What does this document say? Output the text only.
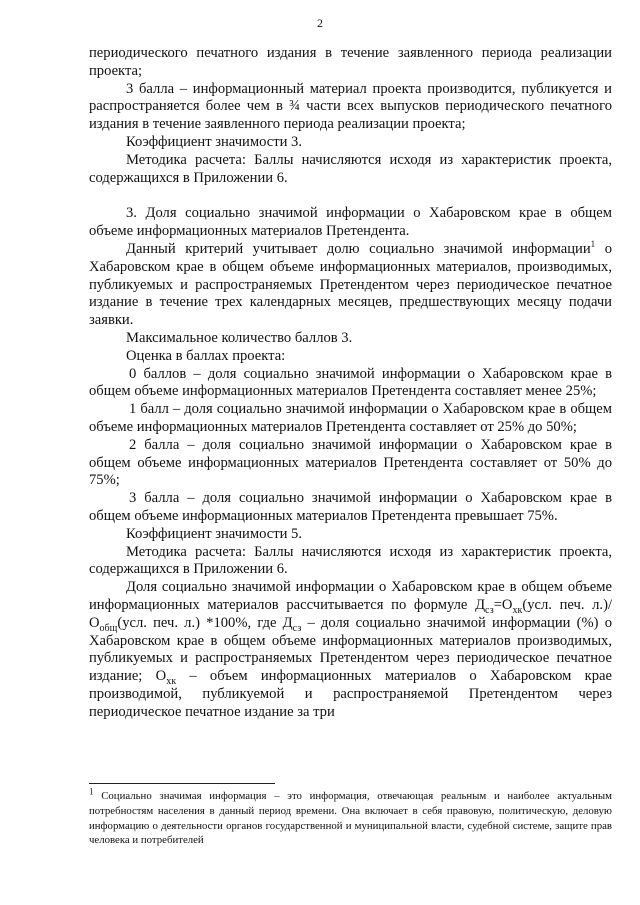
2

периодического печатного издания в течение заявленного периода реализации проекта;

3 балла – информационный материал проекта производится, публикуется и распространяется более чем в ¾ части всех выпусков периодического печатного издания в течение заявленного периода реализации проекта;

Коэффициент значимости 3.

Методика расчета: Баллы начисляются исходя из характеристик проекта, содержащихся в Приложении 6.

3. Доля социально значимой информации о Хабаровском крае в общем объеме информационных материалов Претендента.

Данный критерий учитывает долю социально значимой информации$^1$ о Хабаровском крае в общем объеме информационных материалов, производимых, публикуемых и распространяемых Претендентом через периодическое печатное издание в течение трех календарных месяцев, предшествующих месяцу подачи заявки.

Максимальное количество баллов 3.

Оценка в баллах проекта:

0 баллов – доля социально значимой информации о Хабаровском крае в общем объеме информационных материалов Претендента составляет менее 25%;

1 балл – доля социально значимой информации о Хабаровском крае в общем объеме информационных материалов Претендента составляет от 25% до 50%;

2 балла – доля социально значимой информации о Хабаровском крае в общем объеме информационных материалов Претендента составляет от 50% до 75%;

3 балла – доля социально значимой информации о Хабаровском крае в общем объеме информационных материалов Претендента превышает 75%.

Коэффициент значимости 5.

Методика расчета: Баллы начисляются исходя из характеристик проекта, содержащихся в Приложении 6.

Доля социально значимой информации о Хабаровском крае в общем объеме информационных материалов рассчитывается по формуле $Д_{сз}=О_{хк}(усл$. печ. $л.)/О_{общ}(усл$. печ. л.) *100%, где $Д_{сз}$ – доля социально значимой информации (%) о Хабаровском крае в общем объеме информационных материалов производимых, публикуемых и распространяемых Претендентом через периодическое печатное издание; $О_{хк}$ – объем информационных материалов о Хабаровском крае производимой, публикуемой и распространяемой Претендентом через периодическое печатное издание за три

$^1$ Социально значимая информация – это информация, отвечающая реальным и наиболее актуальным потребностям населения в данный период времени. Она включает в себя правовую, политическую, деловую информацию о деятельности органов государственной и муниципальной власти, судебной системе, защите прав человека и потребителей
